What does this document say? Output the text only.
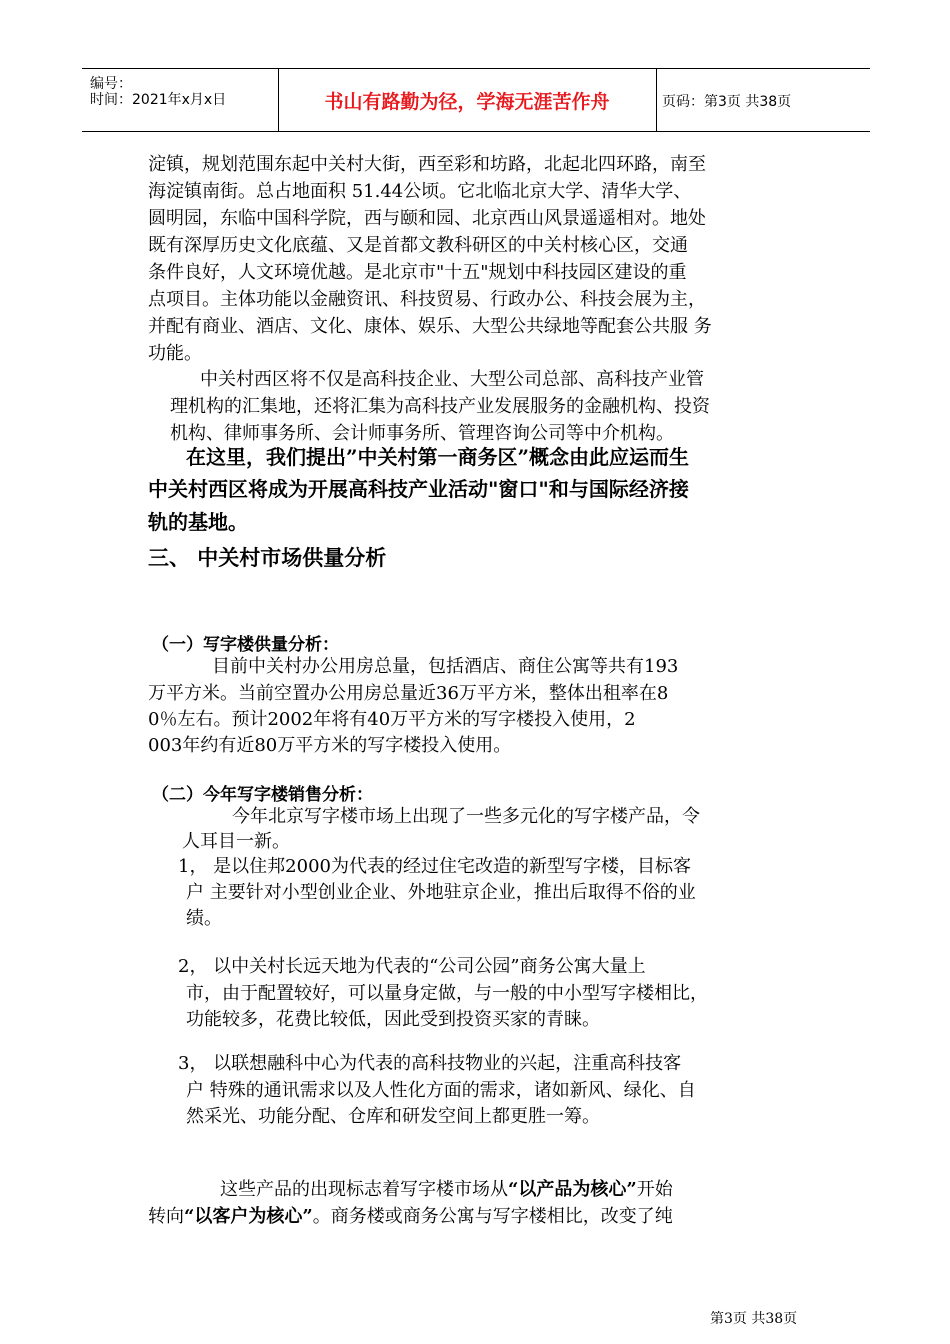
编号：
时间：2021年x月x日	书山有路勤为径，学海无涯苦作舟	页码：第3页 共38页
淀镇，规划范围东起中关村大街，西至彩和坊路，北起北四环路，南至
海淀镇南街。总占地面积 51.44公顷。它北临北京大学、清华大学、
圆明园，东临中国科学院，西与颐和园、北京西山风景遥遥相对。地处
既有深厚历史文化底蕴、又是首都文教科研区的中关村核心区，交通
条件良好，人文环境优越。是北京市"十五"规划中科技园区建设的重
点项目。主体功能以金融资讯、科技贸易、行政办公、科技会展为主，
并配有商业、酒店、文化、康体、娱乐、大型公共绿地等配套公共服 务
功能。
中关村西区将不仅是高科技企业、大型公司总部、高科技产业管
理机构的汇集地，还将汇集为高科技产业发展服务的金融机构、投资
机构、律师事务所、会计师事务所、管理咨询公司等中介机构。
在这里，我们提出”中关村第一商务区”概念由此应运而生
中关村西区将成为开展高科技产业活动"窗口"和与国际经济接
轨的基地。
三、 中关村市场供量分析
（一）写字楼供量分析：
目前中关村办公用房总量，包括酒店、商住公寓等共有193
万平方米。当前空置办公用房总量近36万平方米，整体出租率在8
0％左右。预计2002年将有40万平方米的写字楼投入使用，2
003年约有近80万平方米的写字楼投入使用。
（二）今年写字楼销售分析：
今年北京写字楼市场上出现了一些多元化的写字楼产品，令
人耳目一新。
1， 是以住邦2000为代表的经过住宅改造的新型写字楼，目标客
户 主要针对小型创业企业、外地驻京企业，推出后取得不俗的业
绩。
2， 以中关村长远天地为代表的“公司公园”商务公寓大量上
市，由于配置较好，可以量身定做，与一般的中小型写字楼相比，
功能较多，花费比较低，因此受到投资买家的青睐。
3， 以联想融科中心为代表的高科技物业的兴起，注重高科技客
户 特殊的通讯需求以及人性化方面的需求，诸如新风、绿化、自
然采光、功能分配、仓库和研发空间上都更胜一筹。
这些产品的出现标志着写字楼市场从“以产品为核心”开始
转向“以客户为核心”。商务楼或商务公寓与写字楼相比，改变了纯
第3页 共38页
